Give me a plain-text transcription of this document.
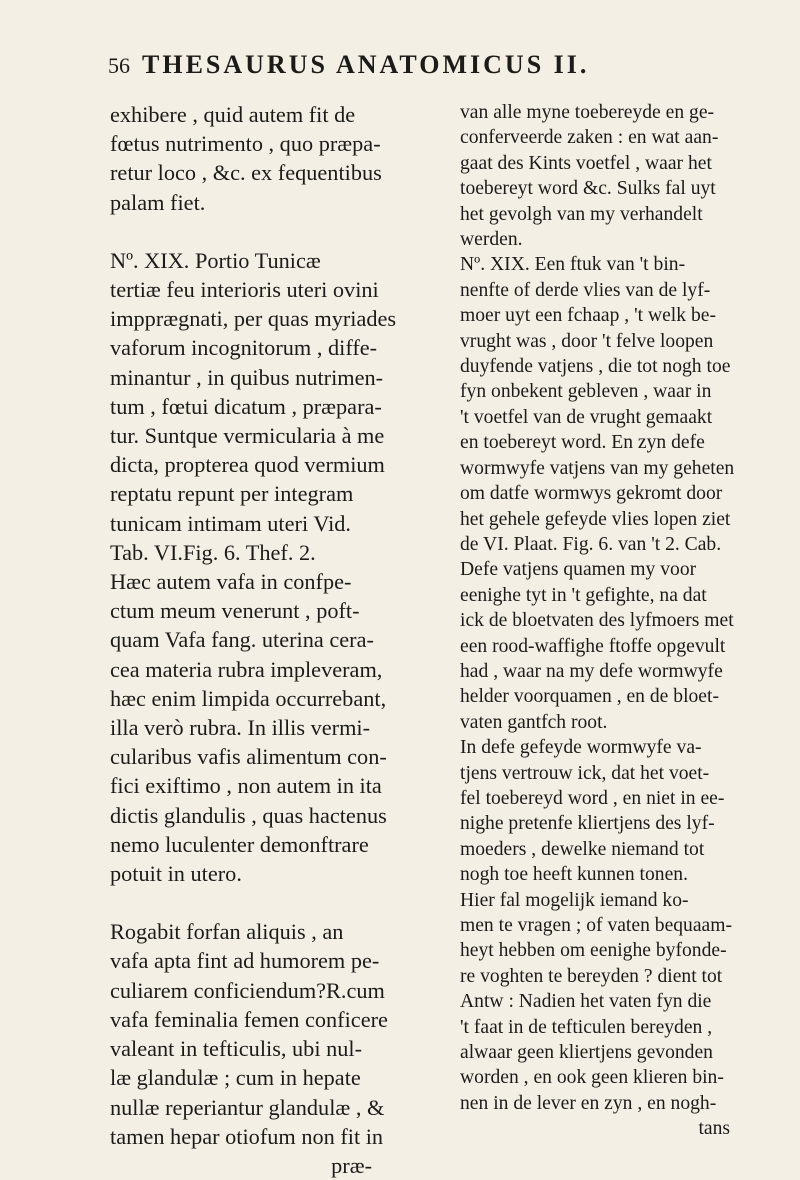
56 THESAURUS ANATOMICUS II.

exhibere , quid autem fit de
fœtus nutrimento , quo præpa-
retur loco , &c. ex fequentibus
palam fiet.

Nº. XIX. Portio Tunicæ
tertiæ feu interioris uteri ovini
impprægnati, per quas myriades
vaforum incognitorum , diffe-
minantur , in quibus nutrimen-
tum , fœtui dicatum , præpara-
tur. Suntque vermicularia à me
dicta, propterea quod vermium
reptatu repunt per integram
tunicam intimam uteri Vid.
Tab. VI.Fig. 6. Thef. 2.

Hæc autem vafa in confpe-
ctum meum venerunt , poft-
quam Vafa fang. uterina cera-
cea materia rubra impleveram,
hæc enim limpida occurrebant,
illa verò rubra. In illis vermi-
cularibus vafis alimentum con-
fici exiftimo , non autem in ita
dictis glandulis , quas hactenus
nemo luculenter demonftrare
potuit in utero.

Rogabit forfan aliquis , an
vafa apta fint ad humorem pe-
culiarem conficiendum?R.cum
vafa feminalia femen conficere
valeant in tefticulis, ubi nul-
læ glandulæ ; cum in hepate
nullæ reperiantur glandulæ , &
tamen hepar otiofum non fit in

præ-

van alle myne toebereyde en ge-
conferveerde zaken : en wat aan-
gaat des Kints voetfel , waar het
toebereyt word &c. Sulks fal uyt
het gevolgh van my verhandelt
werden.

Nº. XIX. Een ftuk van 't bin-
nenfte of derde vlies van de lyf-
moer uyt een fchaap , 't welk be-
vrught was , door 't felve loopen
duyfende vatjens , die tot nogh toe
fyn onbekent gebleven , waar in
't voetfel van de vrught gemaakt
en toebereyt word. En zyn defe
wormwyfe vatjens van my geheten
om datfe wormwys gekromt door
het gehele gefeyde vlies lopen ziet
de VI. Plaat. Fig. 6. van 't 2. Cab.

Defe vatjens quamen my voor
eenighe tyt in 't gefighte, na dat
ick de bloetvaten des lyfmoers met
een rood-waffighe ftoffe opgevult
had , waar na my defe wormwyfe
helder voorquamen , en de bloet-
vaten gantfch root.

In defe gefeyde wormwyfe va-
tjens vertrouw ick, dat het voet-
fel toebereyd word , en niet in ee-
nighe pretenfe kliertjens des lyf-
moeders , dewelke niemand tot
nogh toe heeft kunnen tonen.

Hier fal mogelijk iemand ko-
men te vragen ; of vaten bequaam-
heyt hebben om eenighe byfonde-
re voghten te bereyden ? dient tot
Antw : Nadien het vaten fyn die
't faat in de tefticulen bereyden ,
alwaar geen kliertjens gevonden
worden , en ook geen klieren bin-
nen in de lever en zyn , en nogh-

tans
